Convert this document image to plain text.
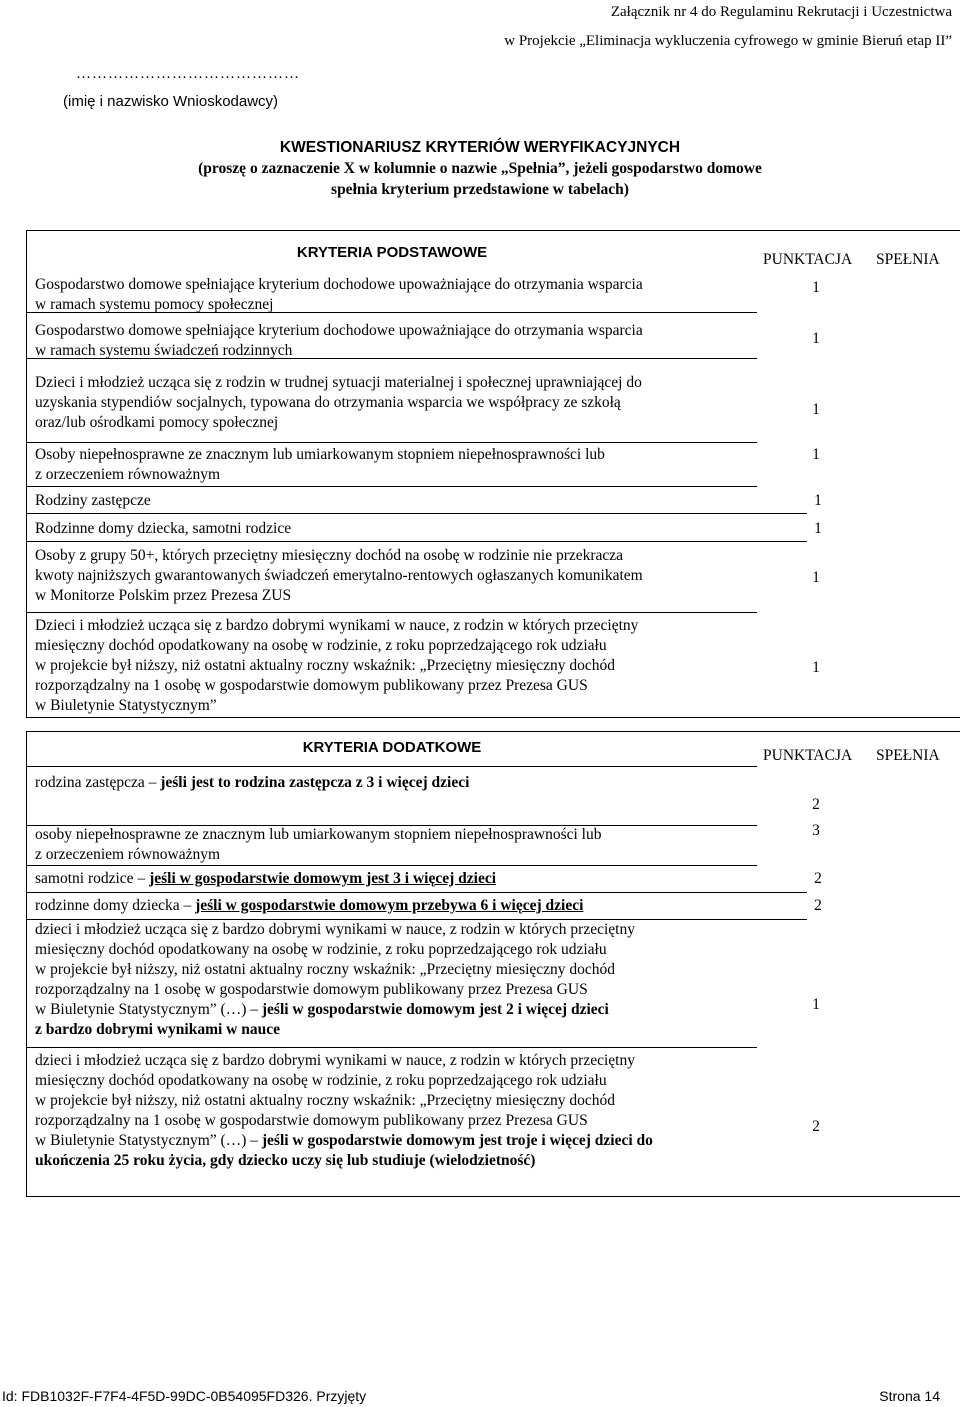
Załącznik nr 4 do Regulaminu Rekrutacji i Uczestnictwa
w Projekcie „Eliminacja wykluczenia cyfrowego w gminie Bieruń etap II”
……………………………………
(imię i nazwisko Wnioskodawcy)
KWESTIONARIUSZ KRYTERIÓW WERYFIKACYJNYCH
(proszę o zaznaczenie X w kolumnie o nazwie „Spełnia”, jeżeli gospodarstwo domowe
spełnia kryterium przedstawione w tabelach)
KRYTERIA PODSTAWOWE
Gospodarstwo domowe spełniające kryterium dochodowe upoważniające do otrzymania wsparcia
w ramach systemu pomocy społecznej
Gospodarstwo domowe spełniające kryterium dochodowe upoważniające do otrzymania wsparcia
w ramach systemu świadczeń rodzinnych
Dzieci i młodzież ucząca się z rodzin w trudnej sytuacji materialnej i społecznej uprawniającej do
uzyskania stypendiów socjalnych, typowana do otrzymania wsparcia we współpracy ze szkołą
oraz/lub ośrodkami pomocy społecznej
Osoby niepełnosprawne ze znacznym lub umiarkowanym stopniem niepełnosprawności lub
z orzeczeniem równoważnym
Rodziny zastępcze
Rodzinne domy dziecka, samotni rodzice
Osoby z grupy 50+, których przeciętny miesięczny dochód na osobę w rodzinie nie przekracza
kwoty najniższych gwarantowanych świadczeń emerytalno-rentowych ogłaszanych komunikatem
w Monitorze Polskim przez Prezesa ZUS
Dzieci i młodzież ucząca się z bardzo dobrymi wynikami w nauce, z rodzin w których przeciętny
miesięczny dochód opodatkowany na osobę w rodzinie, z roku poprzedzającego rok udziału
w projekcie był niższy, niż ostatni aktualny roczny wskaźnik: „Przeciętny miesięczny dochód
rozporządzalny na 1 osobę w gospodarstwie domowym publikowany przez Prezesa GUS
w Biuletynie Statystycznym”
PUNKTACJA SPEŁNIA
1
1
1
1
1
1
1
1
KRYTERIA DODATKOWE
rodzina zastępcza – jeśli jest to rodzina zastępcza z 3 i więcej dzieci
osoby niepełnosprawne ze znacznym lub umiarkowanym stopniem niepełnosprawności lub
z orzeczeniem równoważnym
samotni rodzice – jeśli w gospodarstwie domowym jest 3 i więcej dzieci
rodzinne domy dziecka – jeśli w gospodarstwie domowym przebywa 6 i więcej dzieci
dzieci i młodzież ucząca się z bardzo dobrymi wynikami w nauce, z rodzin w których przeciętny
miesięczny dochód opodatkowany na osobę w rodzinie, z roku poprzedzającego rok udziału
w projekcie był niższy, niż ostatni aktualny roczny wskaźnik: „Przeciętny miesięczny dochód
rozporządzalny na 1 osobę w gospodarstwie domowym publikowany przez Prezesa GUS
w Biuletynie Statystycznym” (…) – jeśli w gospodarstwie domowym jest 2 i więcej dzieci
z bardzo dobrymi wynikami w nauce
dzieci i młodzież ucząca się z bardzo dobrymi wynikami w nauce, z rodzin w których przeciętny
miesięczny dochód opodatkowany na osobę w rodzinie, z roku poprzedzającego rok udziału
w projekcie był niższy, niż ostatni aktualny roczny wskaźnik: „Przeciętny miesięczny dochód
rozporządzalny na 1 osobę w gospodarstwie domowym publikowany przez Prezesa GUS
w Biuletynie Statystycznym” (…) – jeśli w gospodarstwie domowym jest troje i więcej dzieci do
ukończenia 25 roku życia, gdy dziecko uczy się lub studiuje (wielodzietność)
PUNKTACJA SPEŁNIA
2
3
2
2
1
2
Id: FDB1032F-F7F4-4F5D-99DC-0B54095FD326. Przyjęty	Strona 14
